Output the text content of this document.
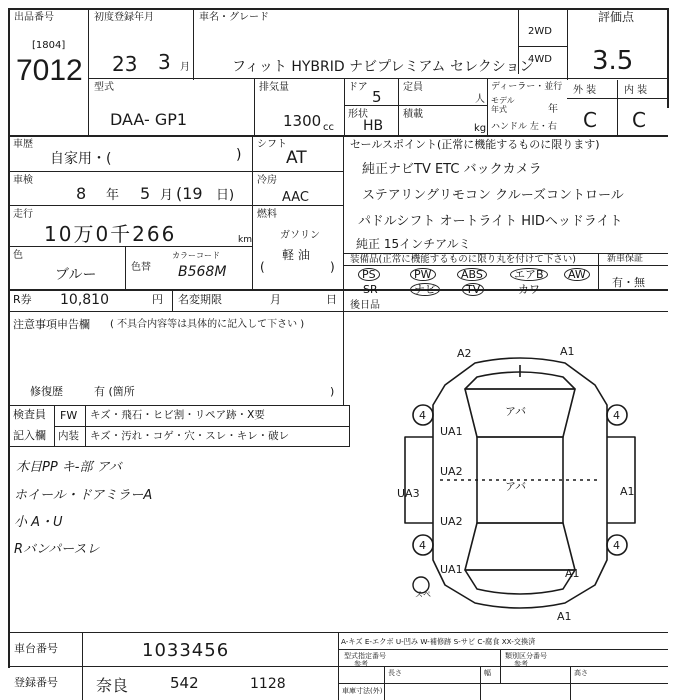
出品番号
[1804]
7012
初度登録年月
23 3 月
車名・グレード
フィット HYBRID ナビプレミアム セレクション
2WD
4WD
評価点
3.5
型式
DAA- GP1
排気量
1300 cc
ドア
5
定員
人
形状
HB
積載
kg
ディーラー・並行
モデル年式	年
ハンドル 左・右
外 装	内 装
C C
車歴
自家用・(	)
シフト
AT
車検
8 年 5 月 (19 日)
冷房
AAC
走行
10万0千266	km
燃料
ガソリン
軽 油
(	)
色
ブルー	色替
カラーコード
B568M
セールスポイント(正常に機能するものに限ります)
純正ナビTV ETC バックカメラ
ステアリングリモコン クルーズコントロール
パドルシフト オートライト HIDヘッドライト
純正 15インチアルミ
装備品(正常に機能するものに限り丸を付けて下さい)	新車保証
有・無
PS	PW	ABS	エアB	AW
SR	ナビ	TV	カワ
R券 10,810	円 名変期限	月	日 後日品
注意事項申告欄 ( 不具合内容等は具体的に記入して下さい )
修復歴	有 (箇所	)
検査員
記入欄
FW キズ・飛石・ヒビ割・リペア跡・X要
内装 キズ・汚れ・コゲ・穴・スレ・キレ・破レ
木目PP キ-部 アバ
ホイール・ドアミラーA
小 A・U
Rバンパースレ
A2	A1
4	4
UA1
アバ
UA2
アバ
UA3
UA2
A1
4	4
UA1	A1
A1
スペ
A-キズ E-エクボ U-凹み W-補修跡 S-サビ C-腐食 XX-交換済
車台番号	1033456
登録番号 奈良	542	1128
型式指定番号
参考
類別区分番号
参考
車庫寸法(外)
長さ	幅	高さ
